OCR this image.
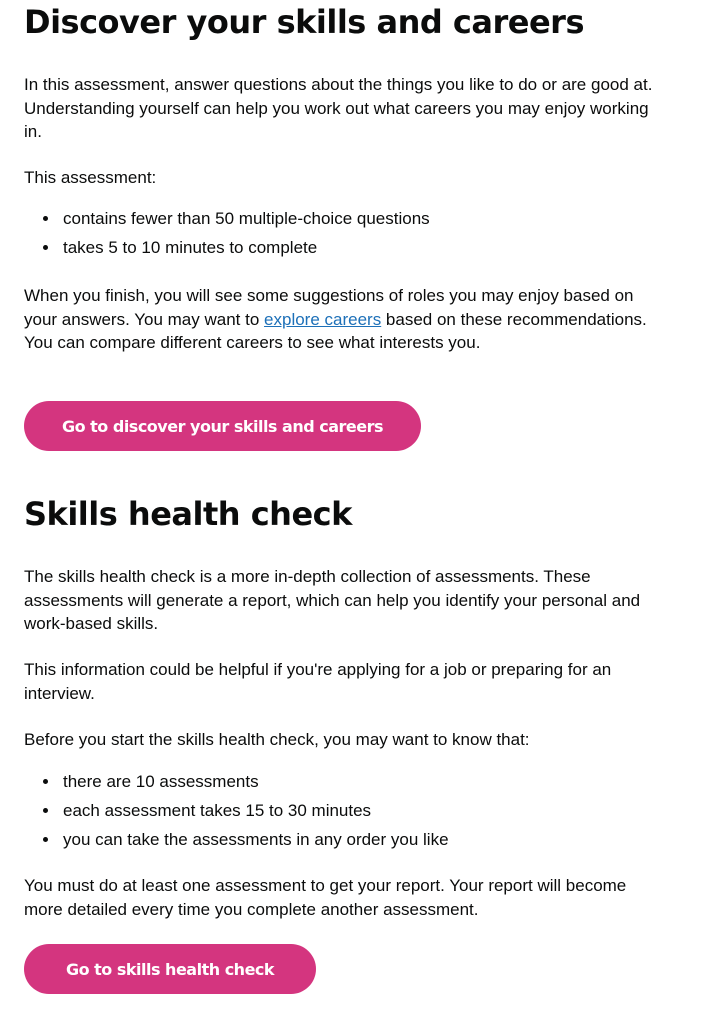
Discover your skills and careers

In this assessment, answer questions about the things you like to do or are good at. Understanding yourself can help you work out what careers you may enjoy working in.

This assessment:

contains fewer than 50 multiple-choice questions
takes 5 to 10 minutes to complete

When you finish, you will see some suggestions of roles you may enjoy based on your answers. You may want to explore careers based on these recommendations. You can compare different careers to see what interests you.

Go to discover your skills and careers
Skills health check

The skills health check is a more in-depth collection of assessments. These assessments will generate a report, which can help you identify your personal and work-based skills.

This information could be helpful if you're applying for a job or preparing for an interview.

Before you start the skills health check, you may want to know that:

there are 10 assessments
each assessment takes 15 to 30 minutes
you can take the assessments in any order you like

You must do at least one assessment to get your report. Your report will become more detailed every time you complete another assessment.

Go to skills health check
